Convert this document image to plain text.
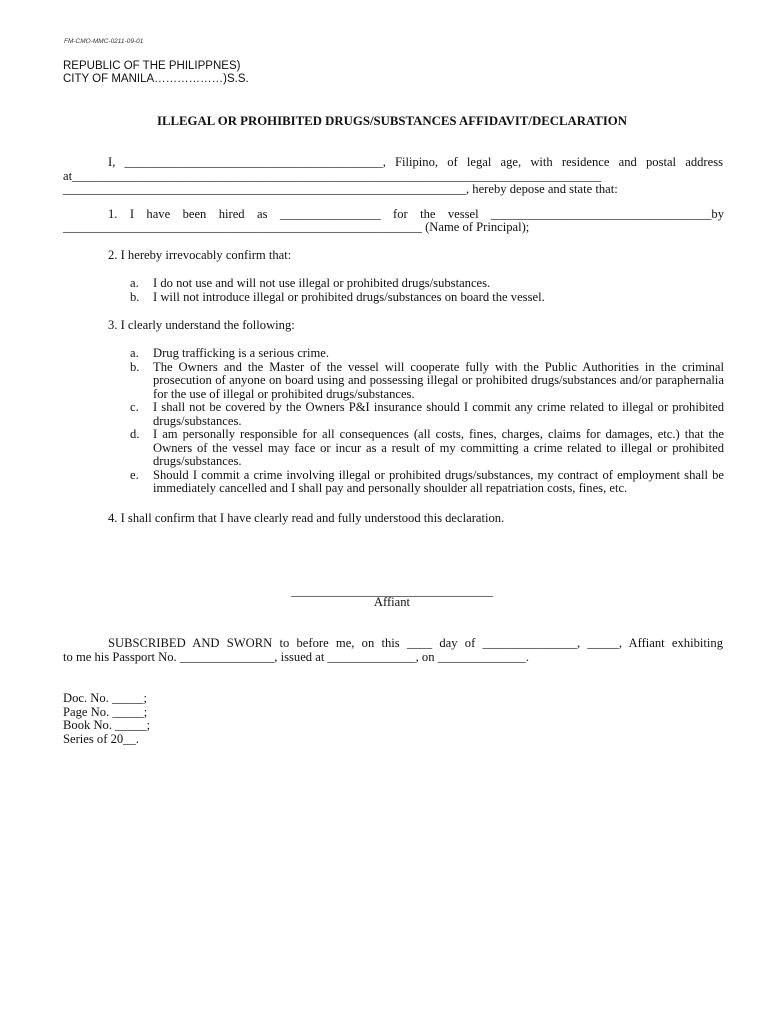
FM-CMO-MMC-0211-09-01
REPUBLIC OF THE PHILIPPNES)
CITY OF MANILA………………)S.S.
ILLEGAL OR PROHIBITED DRUGS/SUBSTANCES AFFIDAVIT/DECLARATION
I, _________________________________________, Filipino, of legal age, with residence and postal address
at____________________________________________________________________________________
________________________________________________________________, hereby depose and state that:
1. I have been hired as ________________ for the vessel ___________________________________by
_________________________________________________________ (Name of Principal);
2. I hereby irrevocably confirm that:
a.	I do not use and will not use illegal or prohibited drugs/substances.
b.	I will not introduce illegal or prohibited drugs/substances on board the vessel.
3. I clearly understand the following:
a.	Drug trafficking is a serious crime.
b.	The Owners and the Master of the vessel will cooperate fully with the Public Authorities in the criminal prosecution of anyone on board using and possessing illegal or prohibited drugs/substances and/or paraphernalia for the use of illegal or prohibited drugs/substances.
c.	I shall not be covered by the Owners P&I insurance should I commit any crime related to illegal or prohibited drugs/substances.
d.	I am personally responsible for all consequences (all costs, fines, charges, claims for damages, etc.) that the Owners of the vessel may face or incur as a result of my committing a crime related to illegal or prohibited drugs/substances.
e.	Should I commit a crime involving illegal or prohibited drugs/substances, my contract of employment shall be immediately cancelled and I shall pay and personally shoulder all repatriation costs, fines, etc.
4. I shall confirm that I have clearly read and fully understood this declaration.
________________________________
Affiant
SUBSCRIBED AND SWORN to before me, on this ____ day of _______________, _____, Affiant exhibiting
to me his Passport No. _______________, issued at ______________, on ______________.
Doc. No. _____;
Page No. _____;
Book No. _____;
Series of 20__.
